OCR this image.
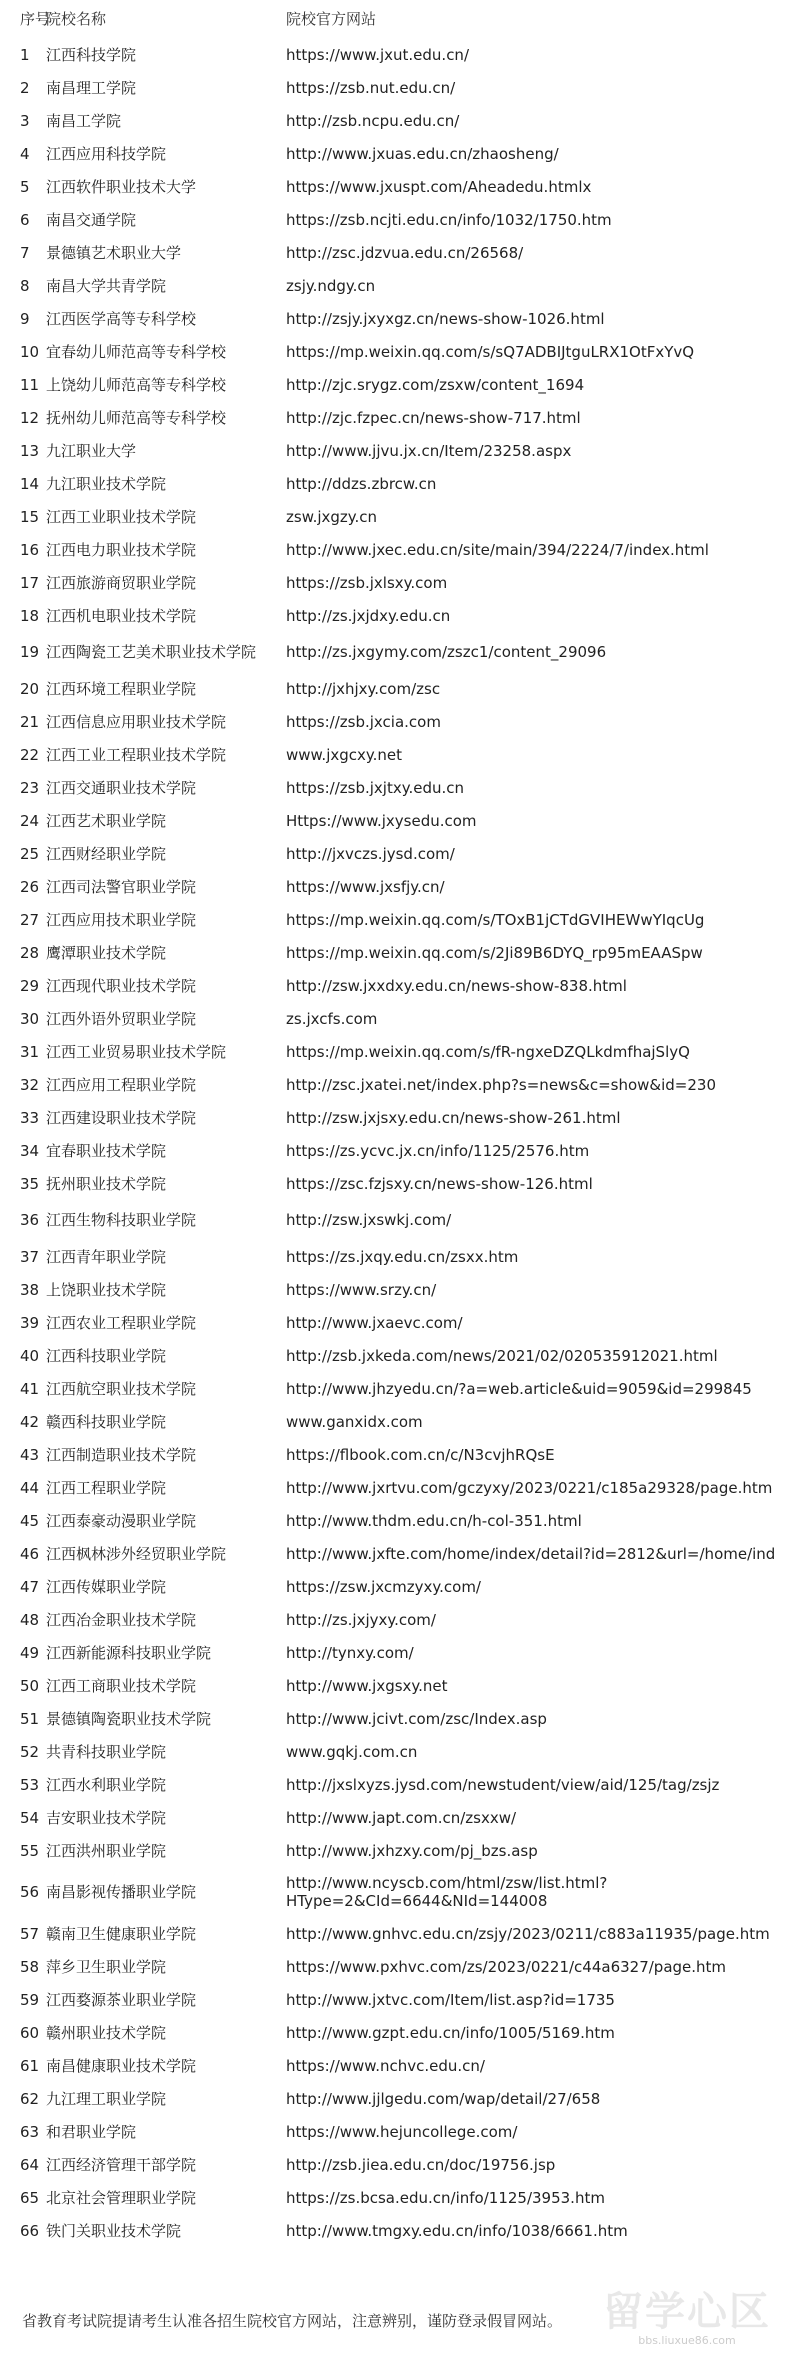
序号	院校名称	院校官方网站
1	江西科技学院	https://www.jxut.edu.cn/
2	南昌理工学院	https://zsb.nut.edu.cn/
3	南昌工学院	http://zsb.ncpu.edu.cn/
4	江西应用科技学院	http://www.jxuas.edu.cn/zhaosheng/
5	江西软件职业技术大学	https://www.jxuspt.com/Aheadedu.htmlx
6	南昌交通学院	https://zsb.ncjti.edu.cn/info/1032/1750.htm
7	景德镇艺术职业大学	http://zsc.jdzvua.edu.cn/26568/
8	南昌大学共青学院	zsjy.ndgy.cn
9	江西医学高等专科学校	http://zsjy.jxyxgz.cn/news-show-1026.html
10	宜春幼儿师范高等专科学校	https://mp.weixin.qq.com/s/sQ7ADBIJtguLRX1OtFxYvQ
11	上饶幼儿师范高等专科学校	http://zjc.srygz.com/zsxw/content_1694
12	抚州幼儿师范高等专科学校	http://zjc.fzpec.cn/news-show-717.html
13	九江职业大学	http://www.jjvu.jx.cn/Item/23258.aspx
14	九江职业技术学院	http://ddzs.zbrcw.cn
15	江西工业职业技术学院	zsw.jxgzy.cn
16	江西电力职业技术学院	http://www.jxec.edu.cn/site/main/394/2224/7/index.html
17	江西旅游商贸职业学院	https://zsb.jxlsxy.com
18	江西机电职业技术学院	http://zs.jxjdxy.edu.cn
19	江西陶瓷工艺美术职业技术学院	http://zs.jxgymy.com/zszc1/content_29096
20	江西环境工程职业学院	http://jxhjxy.com/zsc
21	江西信息应用职业技术学院	https://zsb.jxcia.com
22	江西工业工程职业技术学院	www.jxgcxy.net
23	江西交通职业技术学院	https://zsb.jxjtxy.edu.cn
24	江西艺术职业学院	Https://www.jxysedu.com
25	江西财经职业学院	http://jxvczs.jysd.com/
26	江西司法警官职业学院	https://www.jxsfjy.cn/
27	江西应用技术职业学院	https://mp.weixin.qq.com/s/TOxB1jCTdGVIHEWwYIqcUg
28	鹰潭职业技术学院	https://mp.weixin.qq.com/s/2Ji89B6DYQ_rp95mEAASpw
29	江西现代职业技术学院	http://zsw.jxxdxy.edu.cn/news-show-838.html
30	江西外语外贸职业学院	zs.jxcfs.com
31	江西工业贸易职业技术学院	https://mp.weixin.qq.com/s/fR-ngxeDZQLkdmfhajSlyQ
32	江西应用工程职业学院	http://zsc.jxatei.net/index.php?s=news&c=show&id=230
33	江西建设职业技术学院	http://zsw.jxjsxy.edu.cn/news-show-261.html
34	宜春职业技术学院	https://zs.ycvc.jx.cn/info/1125/2576.htm
35	抚州职业技术学院	https://zsc.fzjsxy.cn/news-show-126.html
36	江西生物科技职业学院	http://zsw.jxswkj.com/
37	江西青年职业学院	https://zs.jxqy.edu.cn/zsxx.htm
38	上饶职业技术学院	https://www.srzy.cn/
39	江西农业工程职业学院	http://www.jxaevc.com/
40	江西科技职业学院	http://zsb.jxkeda.com/news/2021/02/020535912021.html
41	江西航空职业技术学院	http://www.jhzyedu.cn/?a=web.article&uid=9059&id=299845
42	赣西科技职业学院	www.ganxidx.com
43	江西制造职业技术学院	https://flbook.com.cn/c/N3cvjhRQsE
44	江西工程职业学院	http://www.jxrtvu.com/gczyxy/2023/0221/c185a29328/page.htm
45	江西泰豪动漫职业学院	http://www.thdm.edu.cn/h-col-351.html
46	江西枫林涉外经贸职业学院	http://www.jxfte.com/home/index/detail?id=2812&url=/home/ind
47	江西传媒职业学院	https://zsw.jxcmzyxy.com/
48	江西冶金职业技术学院	http://zs.jxjyxy.com/
49	江西新能源科技职业学院	http://tynxy.com/
50	江西工商职业技术学院	http://www.jxgsxy.net
51	景德镇陶瓷职业技术学院	http://www.jcivt.com/zsc/Index.asp
52	共青科技职业学院	www.gqkj.com.cn
53	江西水利职业学院	http://jxslxyzs.jysd.com/newstudent/view/aid/125/tag/zsjz
54	吉安职业技术学院	http://www.japt.com.cn/zsxxw/
55	江西洪州职业学院	http://www.jxhzxy.com/pj_bzs.asp
56	南昌影视传播职业学院	http://www.ncyscb.com/html/zsw/list.html?HType=2&CId=6644&NId=144008
57	赣南卫生健康职业学院	http://www.gnhvc.edu.cn/zsjy/2023/0211/c883a11935/page.htm
58	萍乡卫生职业学院	https://www.pxhvc.com/zs/2023/0221/c44a6327/page.htm
59	江西婺源茶业职业学院	http://www.jxtvc.com/Item/list.asp?id=1735
60	赣州职业技术学院	http://www.gzpt.edu.cn/info/1005/5169.htm
61	南昌健康职业技术学院	https://www.nchvc.edu.cn/
62	九江理工职业学院	http://www.jjlgedu.com/wap/detail/27/658
63	和君职业学院	https://www.hejuncollege.com/
64	江西经济管理干部学院	http://zsb.jiea.edu.cn/doc/19756.jsp
65	北京社会管理职业学院	https://zs.bcsa.edu.cn/info/1125/3953.htm
66	铁门关职业技术学院	http://www.tmgxy.edu.cn/info/1038/6661.htm
省教育考试院提请考生认准各招生院校官方网站，注意辨别，谨防登录假冒网站。 留学心区
bbs.liuxue86.com
